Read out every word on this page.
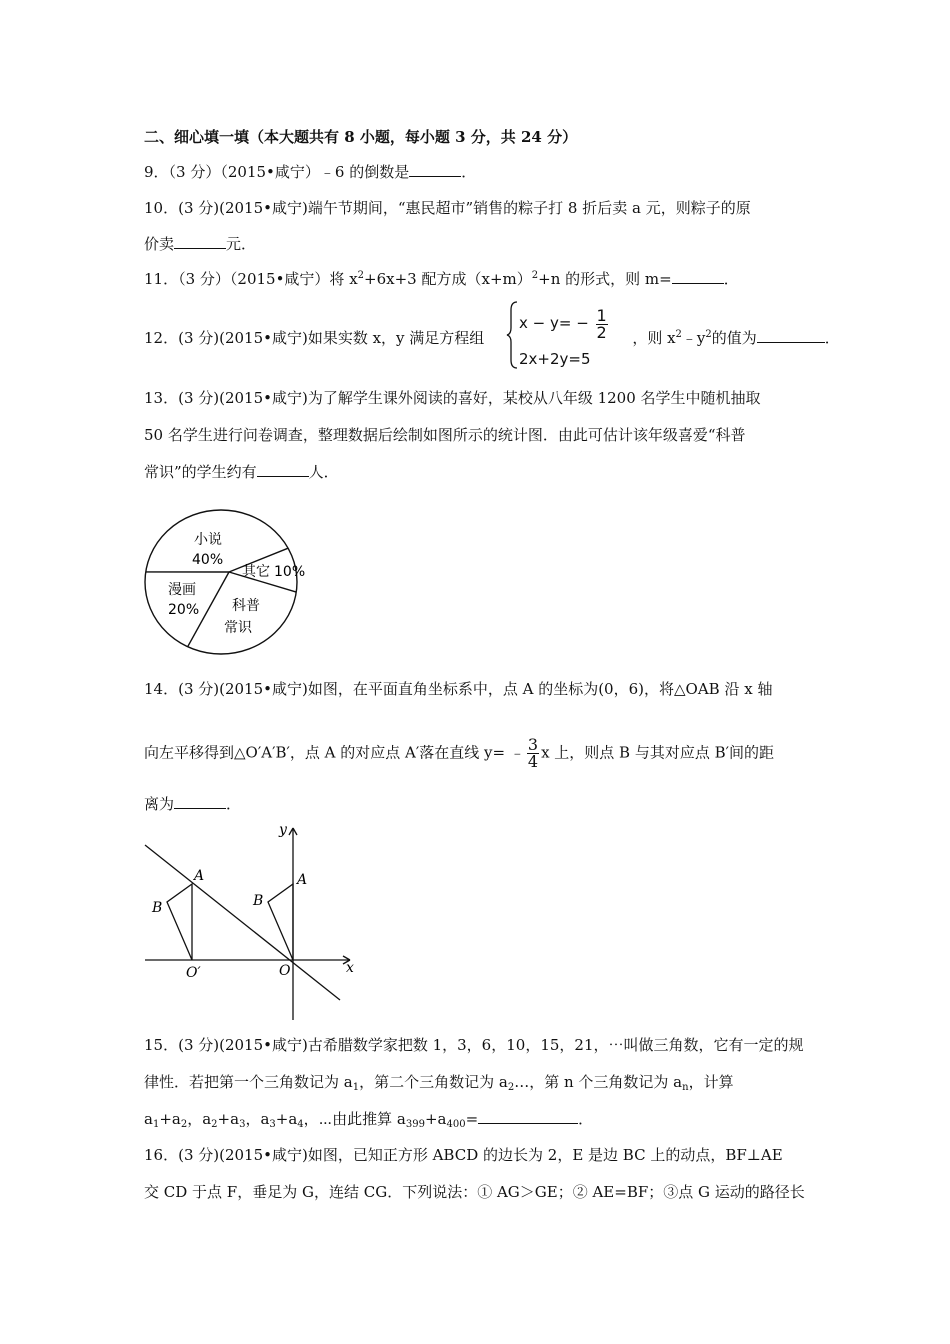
二、细心填一填（本大题共有 8 小题，每小题 3 分，共 24 分）
9．（3 分）（2015•咸宁）﹣6 的倒数是	．
10．(3 分)(2015•咸宁)端午节期间，“惠民超市”销售的粽子打 8 折后卖 a 元，则粽子的原
价卖	元．
11．（3 分）（2015•咸宁）将 $x^2+6x+3$ 配方成$(x+m)^2+n$ 的形式，则 m=	．
12．(3 分)(2015•咸宁)如果实数 x，y 满足方程组	，则 $x^2﹣y^2$的值为	．
$x - y= - \frac{1}{2}$
2x+2y=5
13．(3 分)(2015•咸宁)为了解学生课外阅读的喜好，某校从八年级 1200 名学生中随机抽取
50 名学生进行问卷调查，整理数据后绘制如图所示的统计图．由此可估计该年级喜爱“科普
常识”的学生约有	人．
小说
40%
其它 10%
科普
常识
漫画
20%
14．(3 分)(2015•咸宁)如图，在平面直角坐标系中，点 A 的坐标为(0，6)，将△OAB 沿 x 轴
向左平移得到△O′A′B′，点 A 的对应点 A′落在直线 y= ﹣ $\frac{3}{4}$ x 上，则点 B 与其对应点 B′间的距
离为	．
y
x
A
B
O′
A
B
O
15．(3 分)(2015•咸宁)古希腊数学家把数 1，3，6，10，15，21，⋯叫做三角数，它有一定的规
律性．若把第一个三角数记为 $a_1$，第二个三角数记为 $a_2\dots$，第 n 个三角数记为 $a_n$，计算
$a_1+a_2$，$a_2+a_3$，$a_3+a_4$，⋯由此推算 $a_{399}+a_{400}=$	．
16．(3 分)(2015•咸宁)如图，已知正方形 ABCD 的边长为 2，E 是边 BC 上的动点，BF⊥AE
交 CD 于点 F，垂足为 G，连结 CG．下列说法：① AG＞GE；② AE=BF；③点 G 运动的路径长
